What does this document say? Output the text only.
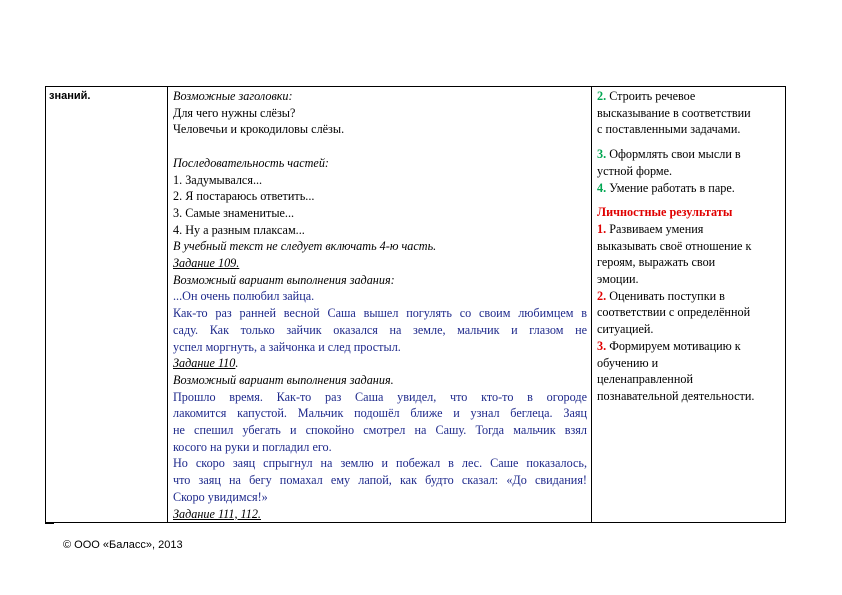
знаний.	Возможные заголовки:
Для чего нужны слёзы?
Человечьи и крокодиловы слёзы.
Последовательность частей:
1. Задумывался...
2. Я постараюсь ответить...
3. Самые знаменитые...
4. Ну а разным плаксам...
В учебный текст не следует включать 4-ю часть.
Задание 109.
Возможный вариант выполнения задания:
...Он очень полюбил зайца.
Как-то раз ранней весной Саша вышел погулять со своим любимцем в
саду. Как только зайчик оказался на земле, мальчик и глазом не
успел моргнуть, а зайчонка и след простыл.
Задание 110.
Возможный вариант выполнения задания.
Прошло время. Как-то раз Саша увидел, что кто-то в огороде
лакомится капустой. Мальчик подошёл ближе и узнал беглеца. Заяц
не спешил убегать и спокойно смотрел на Сашу. Тогда мальчик взял
косого на руки и погладил его.
Но скоро заяц спрыгнул на землю и побежал в лес. Саше показалось,
что заяц на бегу помахал ему лапой, как будто сказал: «До свидания!
Скоро увидимся!»
Задание 111, 112.
2. Строить речевое
высказывание в соответствии
с поставленными задачами.
3. Оформлять свои мысли в
устной форме.
4. Умение работать в паре.
Личностные результаты
1. Развиваем умения
выказывать своё отношение к
героям, выражать свои
эмоции.
2. Оценивать поступки в
соответствии с определённой
ситуацией.
3. Формируем мотивацию к
обучению и
целенаправленной
познавательной деятельности.
© ООО «Баласс», 2013
